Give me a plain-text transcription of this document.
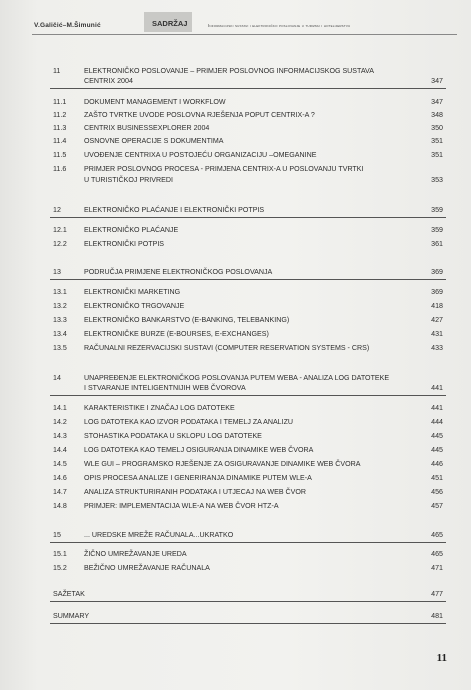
V.Galičić–M.Šimunić	SADRŽAJ	Informacijski sustavi i elektroničko poslovanje u turizmu i hotelijerstvu
11	ELEKTRONIČKO POSLOVANJE – PRIMJER POSLOVNOG INFORMACIJSKOG SUSTAVA
CENTRIX 2004	347
11.1 DOKUMENT MANAGEMENT I WORKFLOW	347
11.2 ZAŠTO TVRTKE UVODE POSLOVNA RJEŠENJA POPUT CENTRIX-A ?	348
11.3 CENTRIX BUSINESSEXPLORER 2004	350
11.4 OSNOVNE OPERACIJE S DOKUMENTIMA	351
11.5 UVOĐENJE CENTRIXA U POSTOJEĆU ORGANIZACIJU –OMEGANINE	351
11.6 PRIMJER POSLOVNOG PROCESA - PRIMJENA CENTRIX-A U POSLOVANJU TVRTKI
U TURISTIČKOJ PRIVREDI	353
12	ELEKTRONIČKO PLAĆANJE I ELEKTRONIČKI POTPIS	359
12.1 ELEKTRONIČKO PLAĆANJE	359
12.2 ELEKTRONIČKI POTPIS	361
13	PODRUČJA PRIMJENE ELEKTRONIČKOG POSLOVANJA	369
13.1 ELEKTRONIČKI MARKETING	369
13.2 ELEKTRONIČKO TRGOVANJE	418
13.3 ELEKTRONIČKO BANKARSTVO (E-BANKING, TELEBANKING)	427
13.4 ELEKTRONIČKE BURZE (E-BOURSES, E-EXCHANGES)	431
13.5 RAČUNALNI REZERVACIJSKI SUSTAVI (COMPUTER RESERVATION SYSTEMS - CRS)	433
14	UNAPREĐENJE ELEKTRONIČKOG POSLOVANJA PUTEM WEBA - ANALIZA LOG DATOTEKE
I STVARANJE INTELIGENTNIJIH WEB ČVOROVA	441
14.1 KARAKTERISTIKE I ZNAČAJ LOG DATOTEKE	441
14.2 LOG DATOTEKA KAO IZVOR PODATAKA I TEMELJ ZA ANALIZU	444
14.3 STOHASTIKA PODATAKA U SKLOPU LOG DATOTEKE	445
14.4 LOG DATOTEKA KAO TEMELJ OSIGURANJA DINAMIKE WEB ČVORA	445
14.5 WLE GUI – PROGRAMSKO RJEŠENJE ZA OSIGURAVANJE DINAMIKE WEB ČVORA	446
14.6 OPIS PROCESA ANALIZE I GENERIRANJA DINAMIKE PUTEM WLE-A	451
14.7 ANALIZA STRUKTURIRANIH PODATAKA I UTJECAJ NA WEB ČVOR	456
14.8 PRIMJER: IMPLEMENTACIJA WLE-A NA WEB ČVOR HTZ-A	457
15	... UREDSKE MREŽE RAČUNALA...UKRATKO	465
15.1 ŽIČNO UMREŽAVANJE UREDA	465
15.2 BEŽIČNO UMREŽAVANJE RAČUNALA	471
SAŽETAK	477
SUMMARY	481
11
